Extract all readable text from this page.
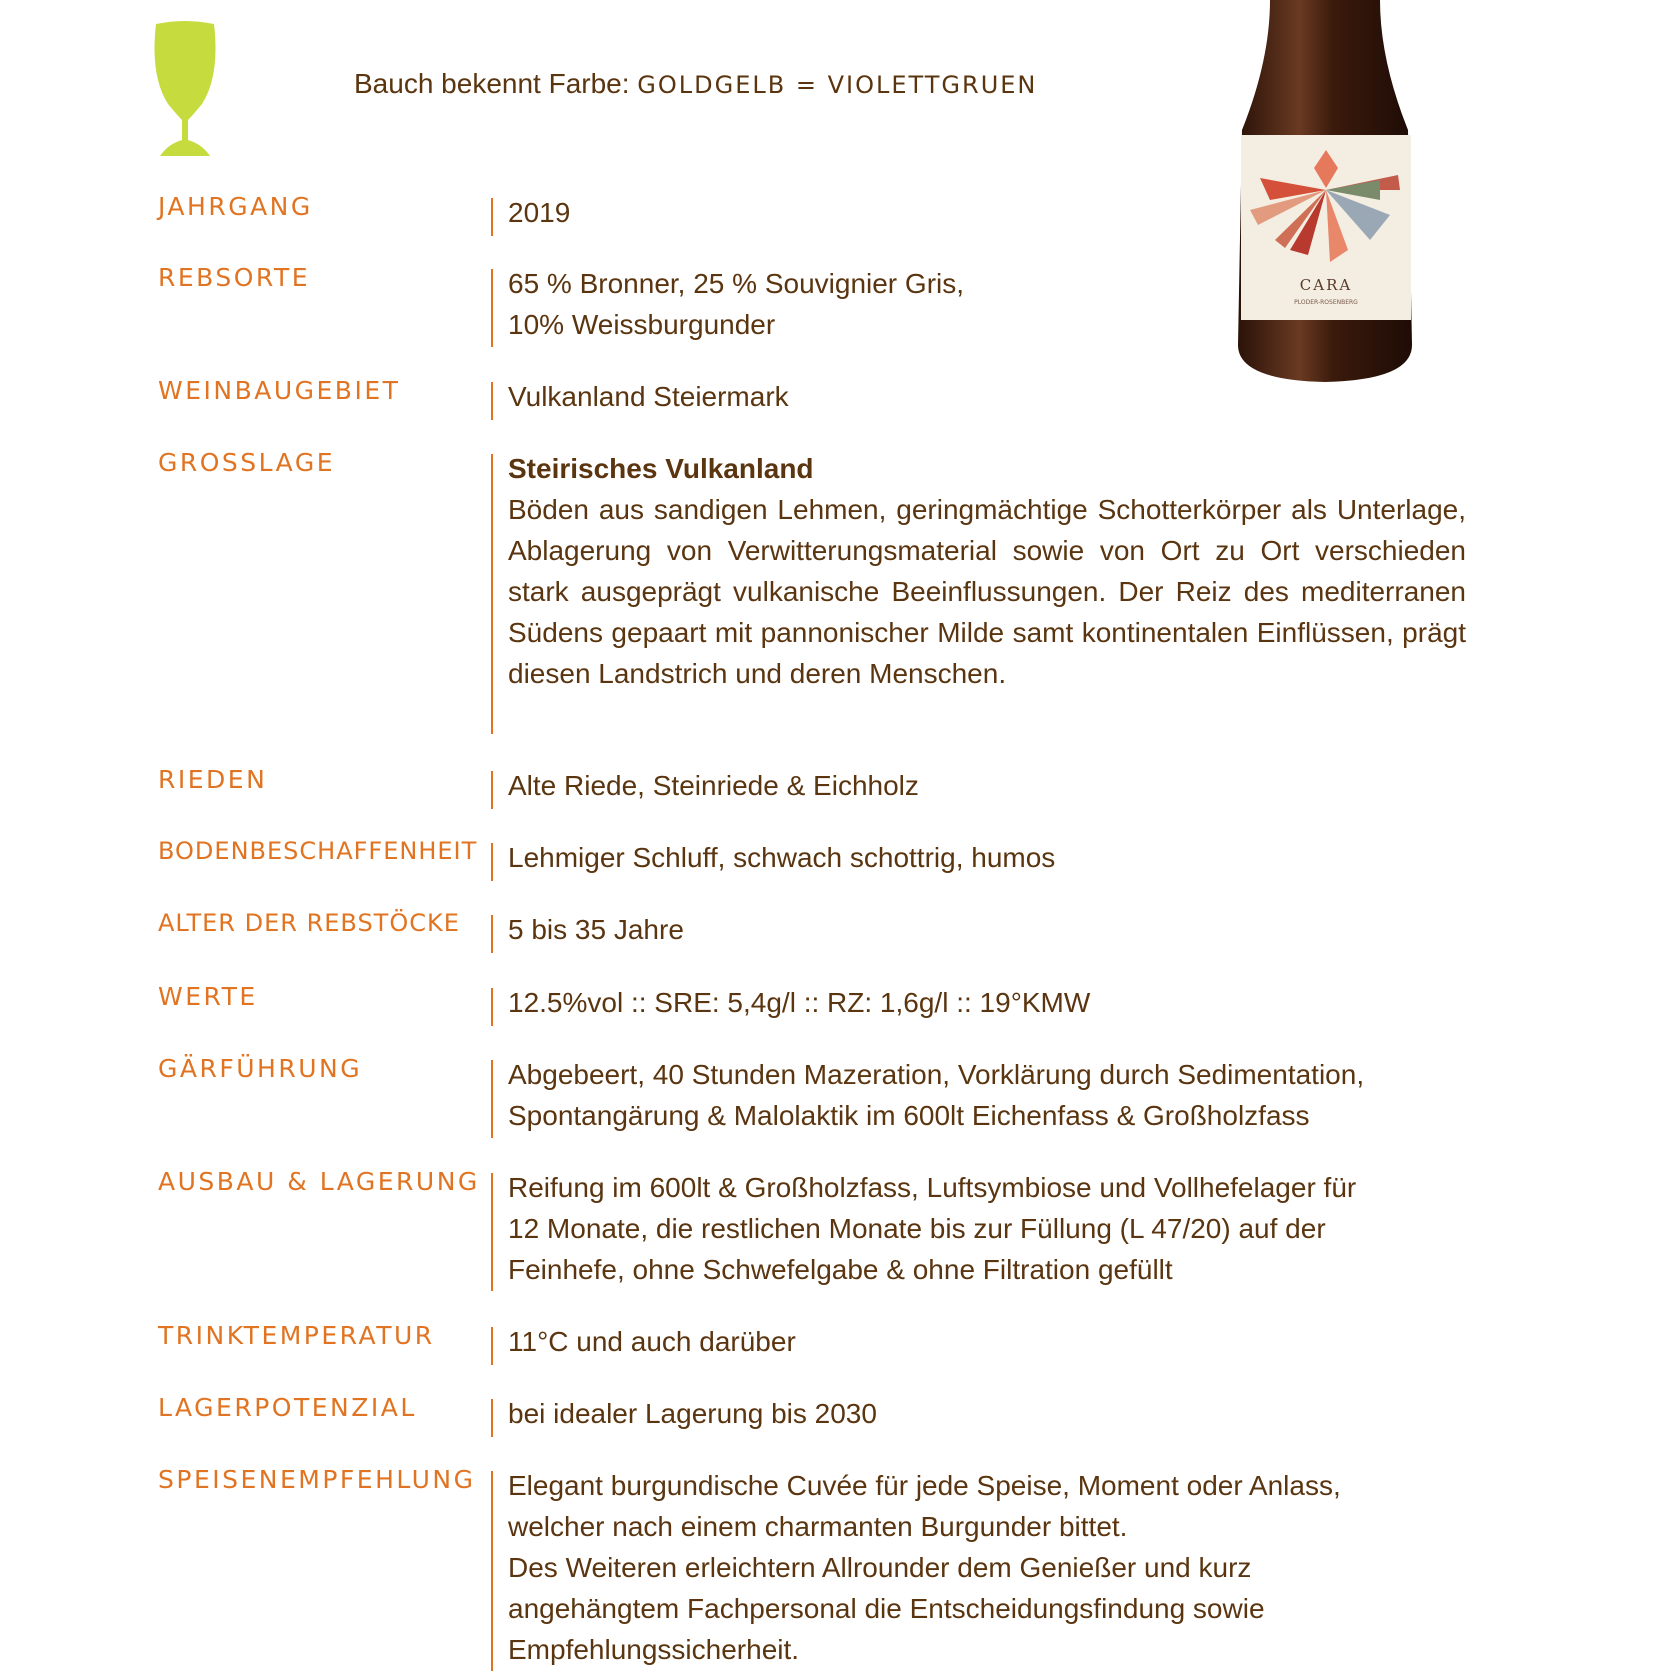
Bauch bekennt Farbe: GOLDGELB = VIOLETTGRUEN
CARA
PLODER-ROSENBERG
JAHRGANG	2019
REBSORTE	65 % Bronner, 25 % Souvignier Gris,
10% Weissburgunder
WEINBAUGEBIET	Vulkanland Steiermark
GROSSLAGE	Steirisches Vulkanland
Böden aus sandigen Lehmen, geringmächtige Schotterkörper als Unterlage, Ablagerung von Verwitterungsmaterial sowie von Ort zu Ort verschieden stark ausgeprägt vulkanische Beeinflussungen. Der Reiz des mediterranen Südens gepaart mit pannonischer Milde samt kontinentalen Einflüssen, prägt diesen Landstrich und deren Menschen.
RIEDEN	Alte Riede, Steinriede & Eichholz
BODENBESCHAFFENHEIT Lehmiger Schluff, schwach schottrig, humos
ALTER DER REBSTÖCKE	5 bis 35 Jahre
WERTE	12.5%vol :: SRE: 5,4g/l :: RZ: 1,6g/l :: 19°KMW
GÄRFÜHRUNG	Abgebeert, 40 Stunden Mazeration, Vorklärung durch Sedimentation,
Spontangärung & Malolaktik im 600lt Eichenfass & Großholzfass
AUSBAU & LAGERUNG Reifung im 600lt & Großholzfass, Luftsymbiose und Vollhefelager für
12 Monate, die restlichen Monate bis zur Füllung (L 47/20) auf der
Feinhefe, ohne Schwefelgabe & ohne Filtration gefüllt
TRINKTEMPERATUR	11°C und auch darüber
LAGERPOTENZIAL	bei idealer Lagerung bis 2030
SPEISENEMPFEHLUNG Elegant burgundische Cuvée für jede Speise, Moment oder Anlass,
welcher nach einem charmanten Burgunder bittet.
Des Weiteren erleichtern Allrounder dem Genießer und kurz
angehängtem Fachpersonal die Entscheidungsfindung sowie
Empfehlungssicherheit.
